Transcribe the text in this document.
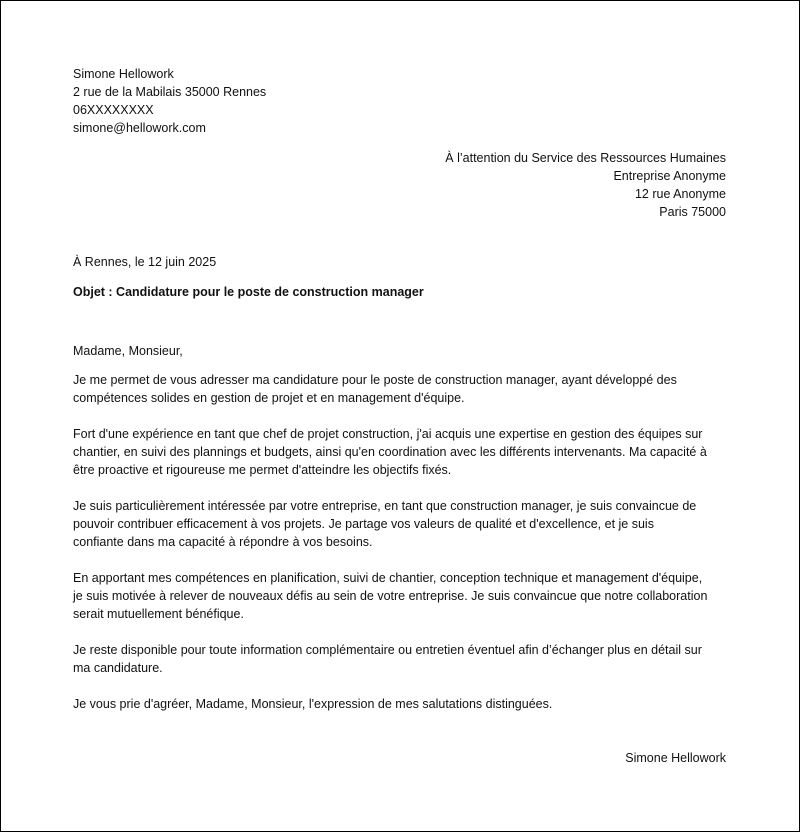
Simone Hellowork
2 rue de la Mabilais 35000 Rennes
06XXXXXXXX
simone@hellowork.com
À l’attention du Service des Ressources Humaines
Entreprise Anonyme
12 rue Anonyme
Paris 75000
À Rennes, le 12 juin 2025
Objet : Candidature pour le poste de construction manager
Madame, Monsieur,
Je me permet de vous adresser ma candidature pour le poste de construction manager, ayant développé des
compétences solides en gestion de projet et en management d'équipe.
Fort d'une expérience en tant que chef de projet construction, j'ai acquis une expertise en gestion des équipes sur
chantier, en suivi des plannings et budgets, ainsi qu'en coordination avec les différents intervenants. Ma capacité à
être proactive et rigoureuse me permet d'atteindre les objectifs fixés.
Je suis particulièrement intéressée par votre entreprise, en tant que construction manager, je suis convaincue de
pouvoir contribuer efficacement à vos projets. Je partage vos valeurs de qualité et d'excellence, et je suis
confiante dans ma capacité à répondre à vos besoins.
En apportant mes compétences en planification, suivi de chantier, conception technique et management d'équipe,
je suis motivée à relever de nouveaux défis au sein de votre entreprise. Je suis convaincue que notre collaboration
serait mutuellement bénéfique.
Je reste disponible pour toute information complémentaire ou entretien éventuel afin d’échanger plus en détail sur
ma candidature.
Je vous prie d'agréer, Madame, Monsieur, l'expression de mes salutations distinguées.
Simone Hellowork
